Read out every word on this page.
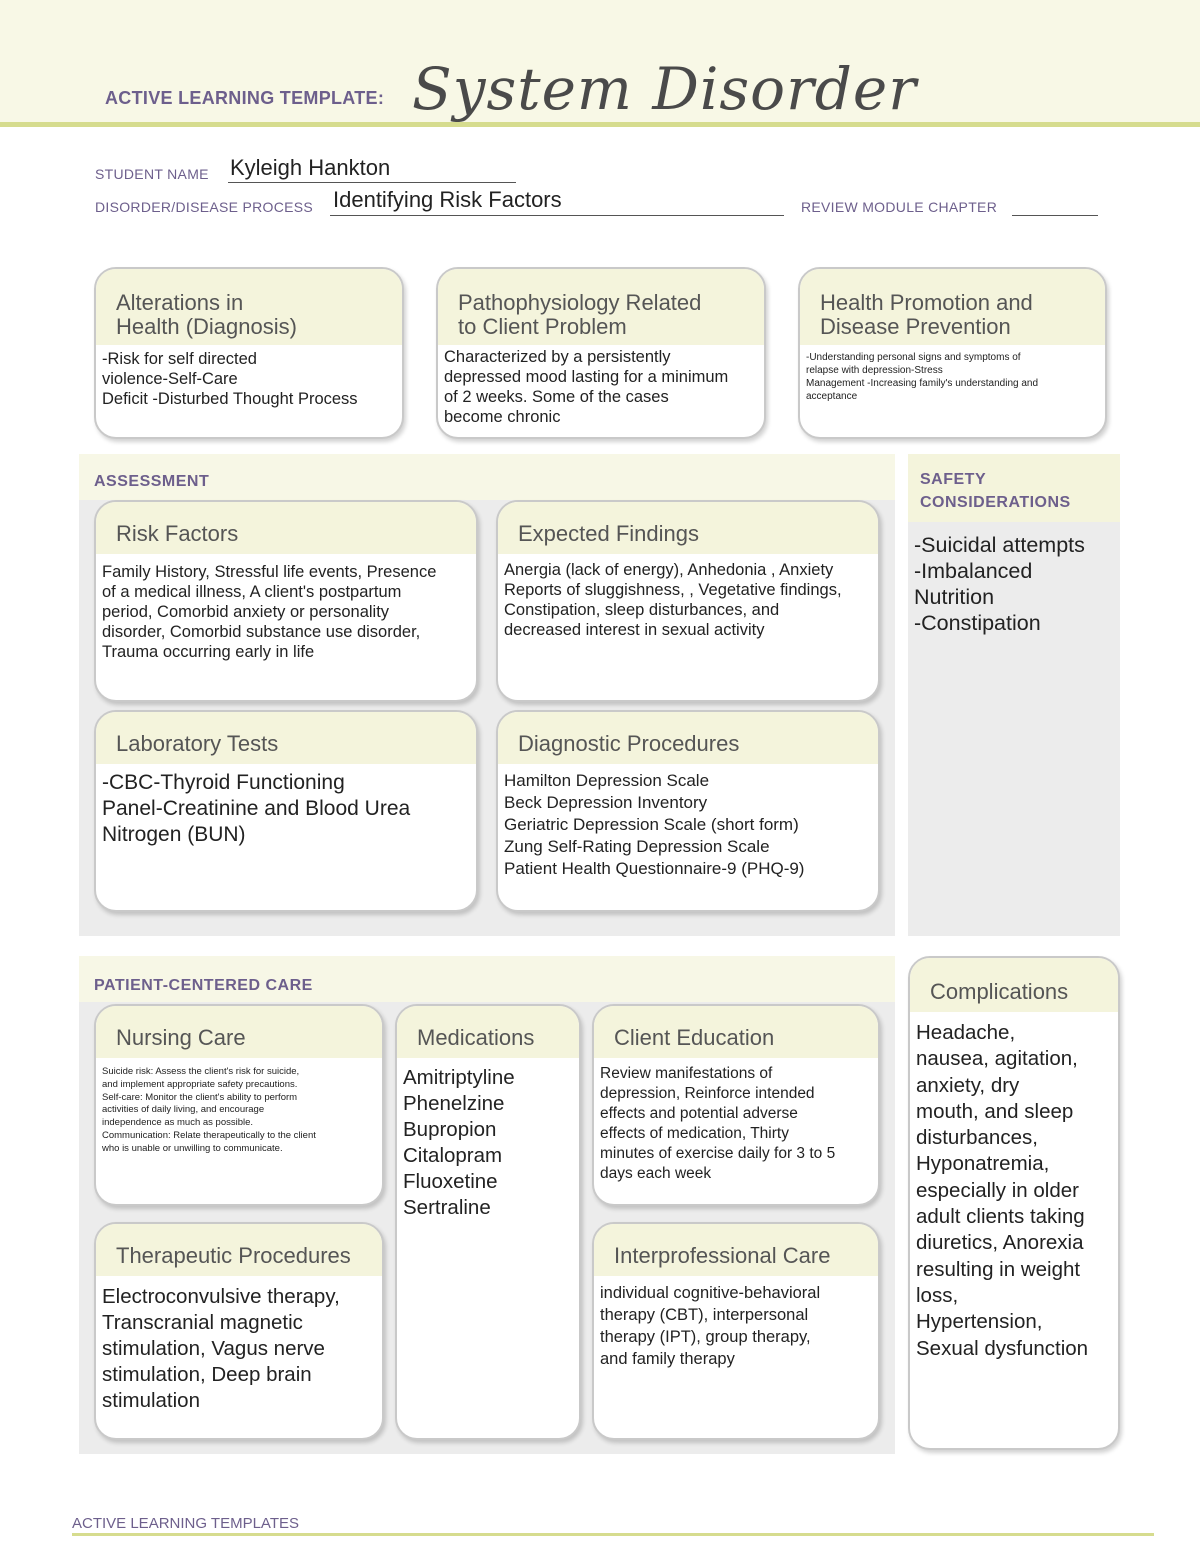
ACTIVE LEARNING TEMPLATE: System Disorder
STUDENT NAME Kyleigh Hankton
DISORDER/DISEASE PROCESS Identifying Risk Factors	REVIEW MODULE CHAPTER
Alterations in
Health (Diagnosis)
-Risk for self directed
violence-Self-Care
Deficit -Disturbed Thought Process
Pathophysiology Related
to Client Problem
Characterized by a persistently
depressed mood lasting for a minimum
of 2 weeks. Some of the cases
become chronic
Health Promotion and
Disease Prevention
-Understanding personal signs and symptoms of
relapse with depression-Stress
Management -Increasing family's understanding and
acceptance
ASSESSMENT
Risk Factors
Family History, Stressful life events, Presence
of a medical illness, A client's postpartum
period, Comorbid anxiety or personality
disorder, Comorbid substance use disorder,
Trauma occurring early in life
Expected Findings
Anergia (lack of energy), Anhedonia , Anxiety
Reports of sluggishness, , Vegetative findings,
Constipation, sleep disturbances, and
decreased interest in sexual activity
Laboratory Tests
-CBC-Thyroid Functioning
Panel-Creatinine and Blood Urea
Nitrogen (BUN)
Diagnostic Procedures
Hamilton Depression Scale
Beck Depression Inventory
Geriatric Depression Scale (short form)
Zung Self-Rating Depression Scale
Patient Health Questionnaire-9 (PHQ-9)
SAFETY
CONSIDERATIONS
-Suicidal attempts
-Imbalanced
Nutrition
-Constipation
PATIENT-CENTERED CARE
Nursing Care
Suicide risk: Assess the client's risk for suicide,
and implement appropriate safety precautions.
Self-care: Monitor the client's ability to perform
activities of daily living, and encourage
independence as much as possible.
Communication: Relate therapeutically to the client
who is unable or unwilling to communicate.
Medications
Amitriptyline
Phenelzine
Bupropion
Citalopram
Fluoxetine
Sertraline
Client Education
Review manifestations of
depression, Reinforce intended
effects and potential adverse
effects of medication, Thirty
minutes of exercise daily for 3 to 5
days each week
Therapeutic Procedures
Electroconvulsive therapy,
Transcranial magnetic
stimulation, Vagus nerve
stimulation, Deep brain
stimulation
Interprofessional Care
individual cognitive-behavioral
therapy (CBT), interpersonal
therapy (IPT), group therapy,
and family therapy
Complications
Headache,
nausea, agitation,
anxiety, dry
mouth, and sleep
disturbances,
Hyponatremia,
especially in older
adult clients taking
diuretics, Anorexia
resulting in weight
loss,
Hypertension,
Sexual dysfunction
ACTIVE LEARNING TEMPLATES
